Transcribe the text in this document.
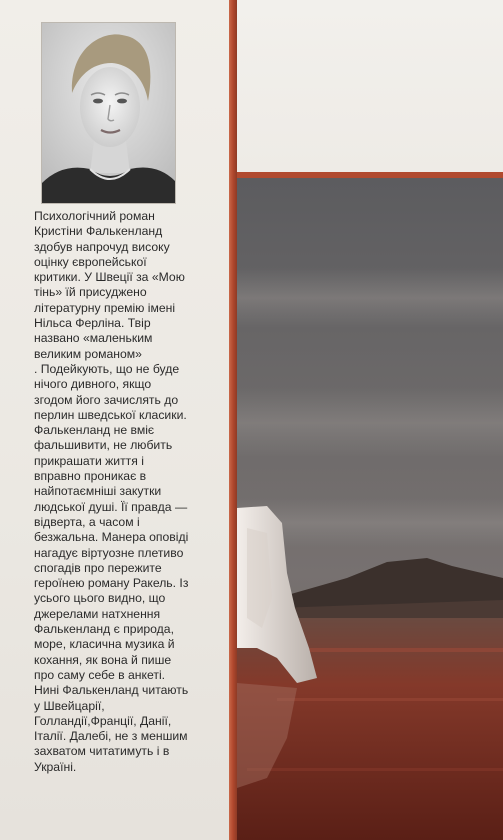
Психологічний роман
Кристіни Фалькенланд
здобув напрочуд високу
оцінку європейської
критики. У Швеції за «Мою
тінь» їй присуджено
літературну премію імені
Нільса Ферліна. Твір
названо «маленьким
великим романом»
. Подейкують, що не буде
нічого дивного, якщо
згодом його зачислять до
перлин шведської класики.
Фалькенланд не вміє
фальшивити, не любить
прикрашати життя і
вправно проникає в
найпотаємніші закутки
людської душі. Її правда —
відверта, а часом і
безжальна. Манера оповіді
нагадує віртуозне плетиво
спогадів про пережите
героїнею роману Ракель. Із
усього цього видно, що
джерелами натхнення
Фалькенланд є природа,
море, класична музика й
кохання, як вона й пише
про саму себе в анкеті.
Нині Фалькенланд читають
у Швейцарії,
Голландії,Франції, Данії,
Італії. Далебі, не з меншим
захватом читатимуть і в
Україні.
